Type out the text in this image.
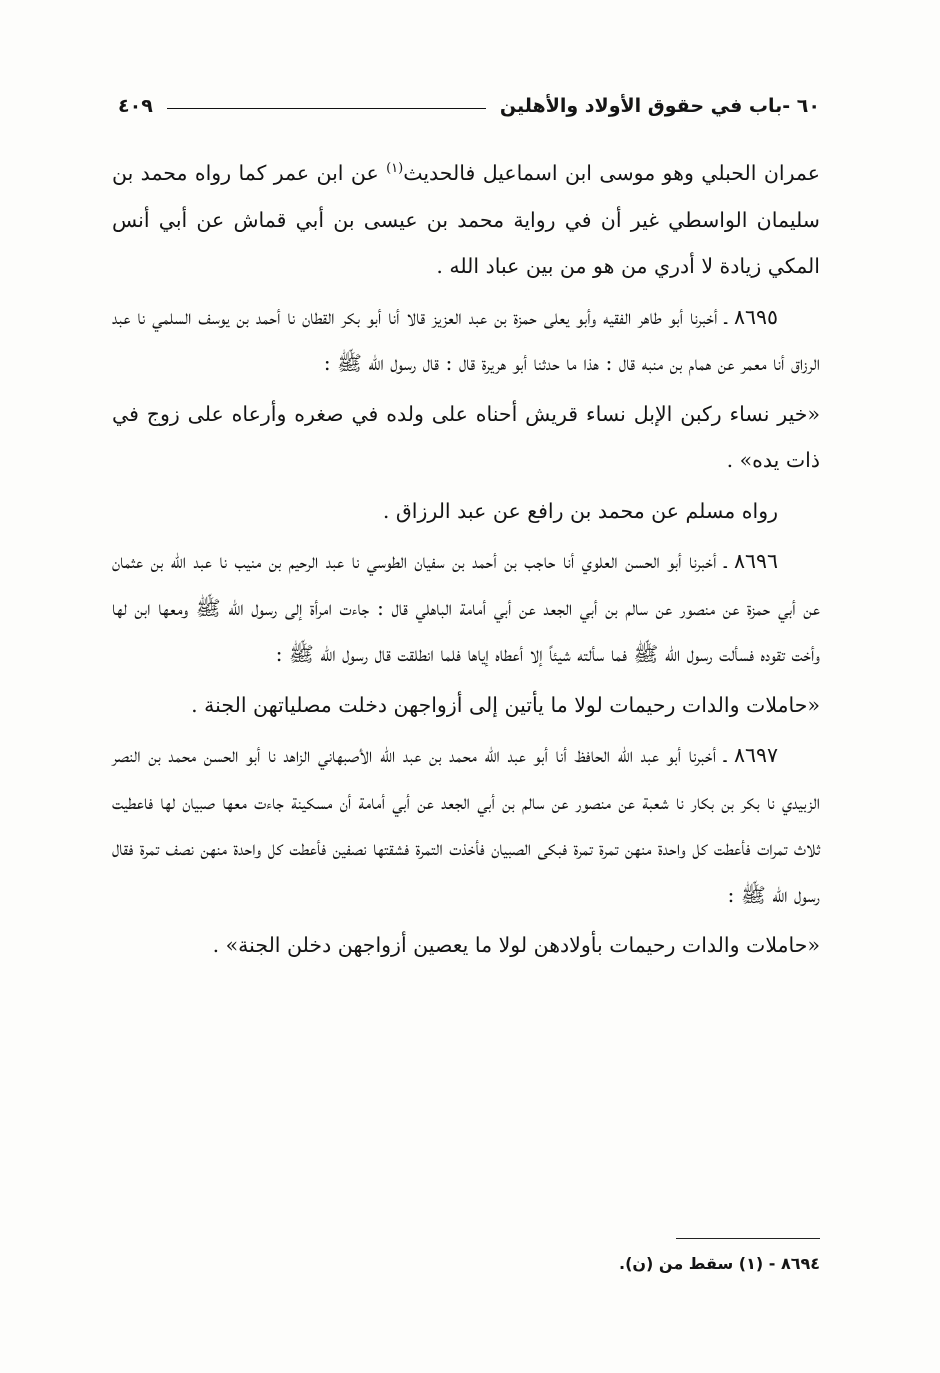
٦٠ -باب في حقوق الأولاد والأهلين
٤٠٩

عمران الحبلي وهو موسى ابن اسماعيل فالحديث$^{(١)}$ عن ابن عمر كما رواه محمد بن سليمان الواسطي غير أن في رواية محمد بن عيسى بن أبي قماش عن أبي أنس المكي زيادة لا أدري من هو من بين عباد الله .

٨٦٩٥ ـ أخبرنا أبو طاهر الفقيه وأبو يعلى حمزة بن عبد العزيز قالا أنا أبو بكر القطان نا أحمد بن يوسف السلمي نا عبد الرزاق أنا معمر عن همام بن منبه قال : هذا ما حدثنا أبو هريرة قال : قال رسول الله ﷺ :

«خير نساء ركبن الإبل نساء قريش أحناه على ولده في صغره وأرعاه على زوج في ذات يده» .

رواه مسلم عن محمد بن رافع عن عبد الرزاق .

٨٦٩٦ ـ أخبرنا أبو الحسن العلوي أنا حاجب بن أحمد بن سفيان الطوسي نا عبد الرحيم بن منيب نا عبد الله بن عثمان عن أبي حمزة عن منصور عن سالم بن أبي الجعد عن أبي أمامة الباهلي قال : جاءت امرأة إلى رسول الله ﷺ ومعها ابن لها وأخت تقوده فسألت رسول الله ﷺ فما سألته شيئاً إلا أعطاه إياها فلما انطلقت قال رسول الله ﷺ :

«حاملات والدات رحيمات لولا ما يأتين إلى أزواجهن دخلت مصلياتهن الجنة .

٨٦٩٧ ـ أخبرنا أبو عبد الله الحافظ أنا أبو عبد الله محمد بن عبد الله الأصبهاني الزاهد نا أبو الحسن محمد بن النصر الزبيدي نا بكر بن بكار نا شعبة عن منصور عن سالم بن أبي الجعد عن أبي أمامة أن مسكينة جاءت معها صبيان لها فاعطيت ثلاث تمرات فأعطت كل واحدة منهن تمرة تمرة فبكى الصبيان فأخذت التمرة فشقتها نصفين فأعطت كل واحدة منهن نصف تمرة فقال رسول الله ﷺ :

«حاملات والدات رحيمات بأولادهن لولا ما يعصين أزواجهن دخلن الجنة» .

٨٦٩٤ - (١) سقط من (ن).
